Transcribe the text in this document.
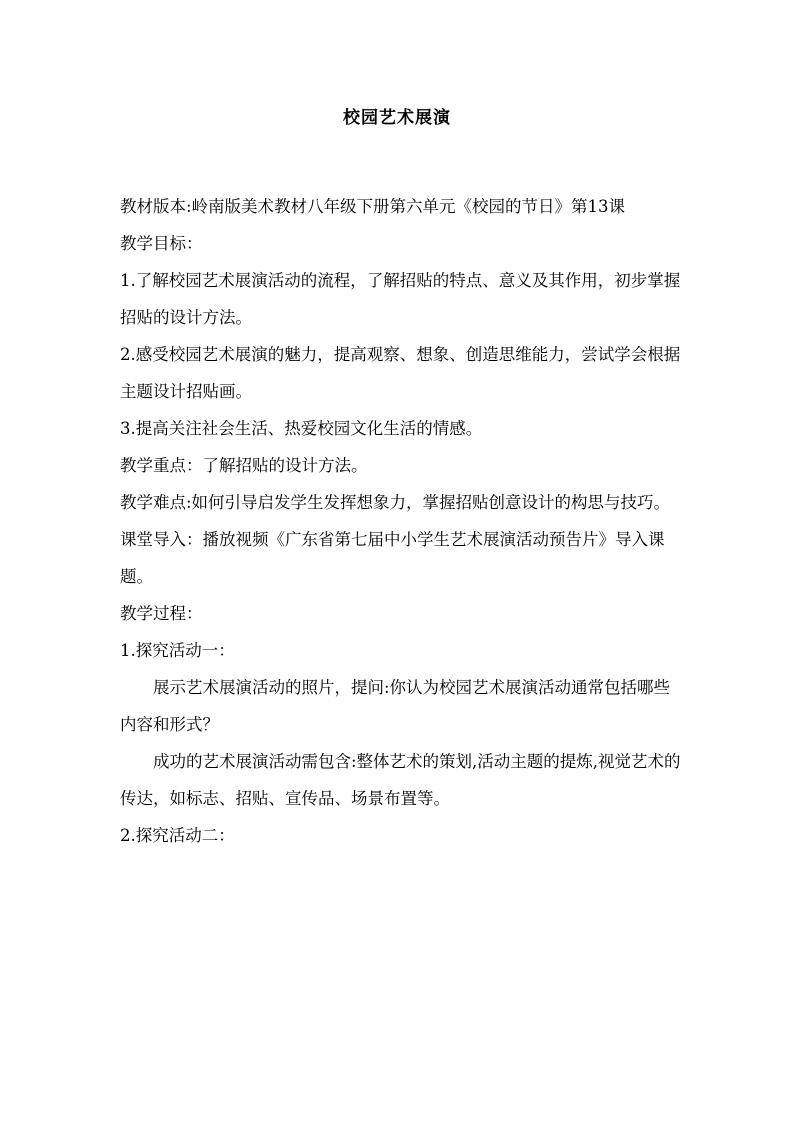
校园艺术展演

教材版本:岭南版美术教材八年级下册第六单元《校园的节日》第13课

教学目标：

1.了解校园艺术展演活动的流程，了解招贴的特点、意义及其作用，初步掌握招贴的设计方法。

2.感受校园艺术展演的魅力，提高观察、想象、创造思维能力，尝试学会根据主题设计招贴画。

3.提高关注社会生活、热爱校园文化生活的情感。

教学重点：了解招贴的设计方法。

教学难点:如何引导启发学生发挥想象力，掌握招贴创意设计的构思与技巧。

课堂导入：播放视频《广东省第七届中小学生艺术展演活动预告片》导入课题。

教学过程：

1.探究活动一：

展示艺术展演活动的照片，提问:你认为校园艺术展演活动通常包括哪些内容和形式？

成功的艺术展演活动需包含:整体艺术的策划,活动主题的提炼,视觉艺术的传达，如标志、招贴、宣传品、场景布置等。

2.探究活动二：
